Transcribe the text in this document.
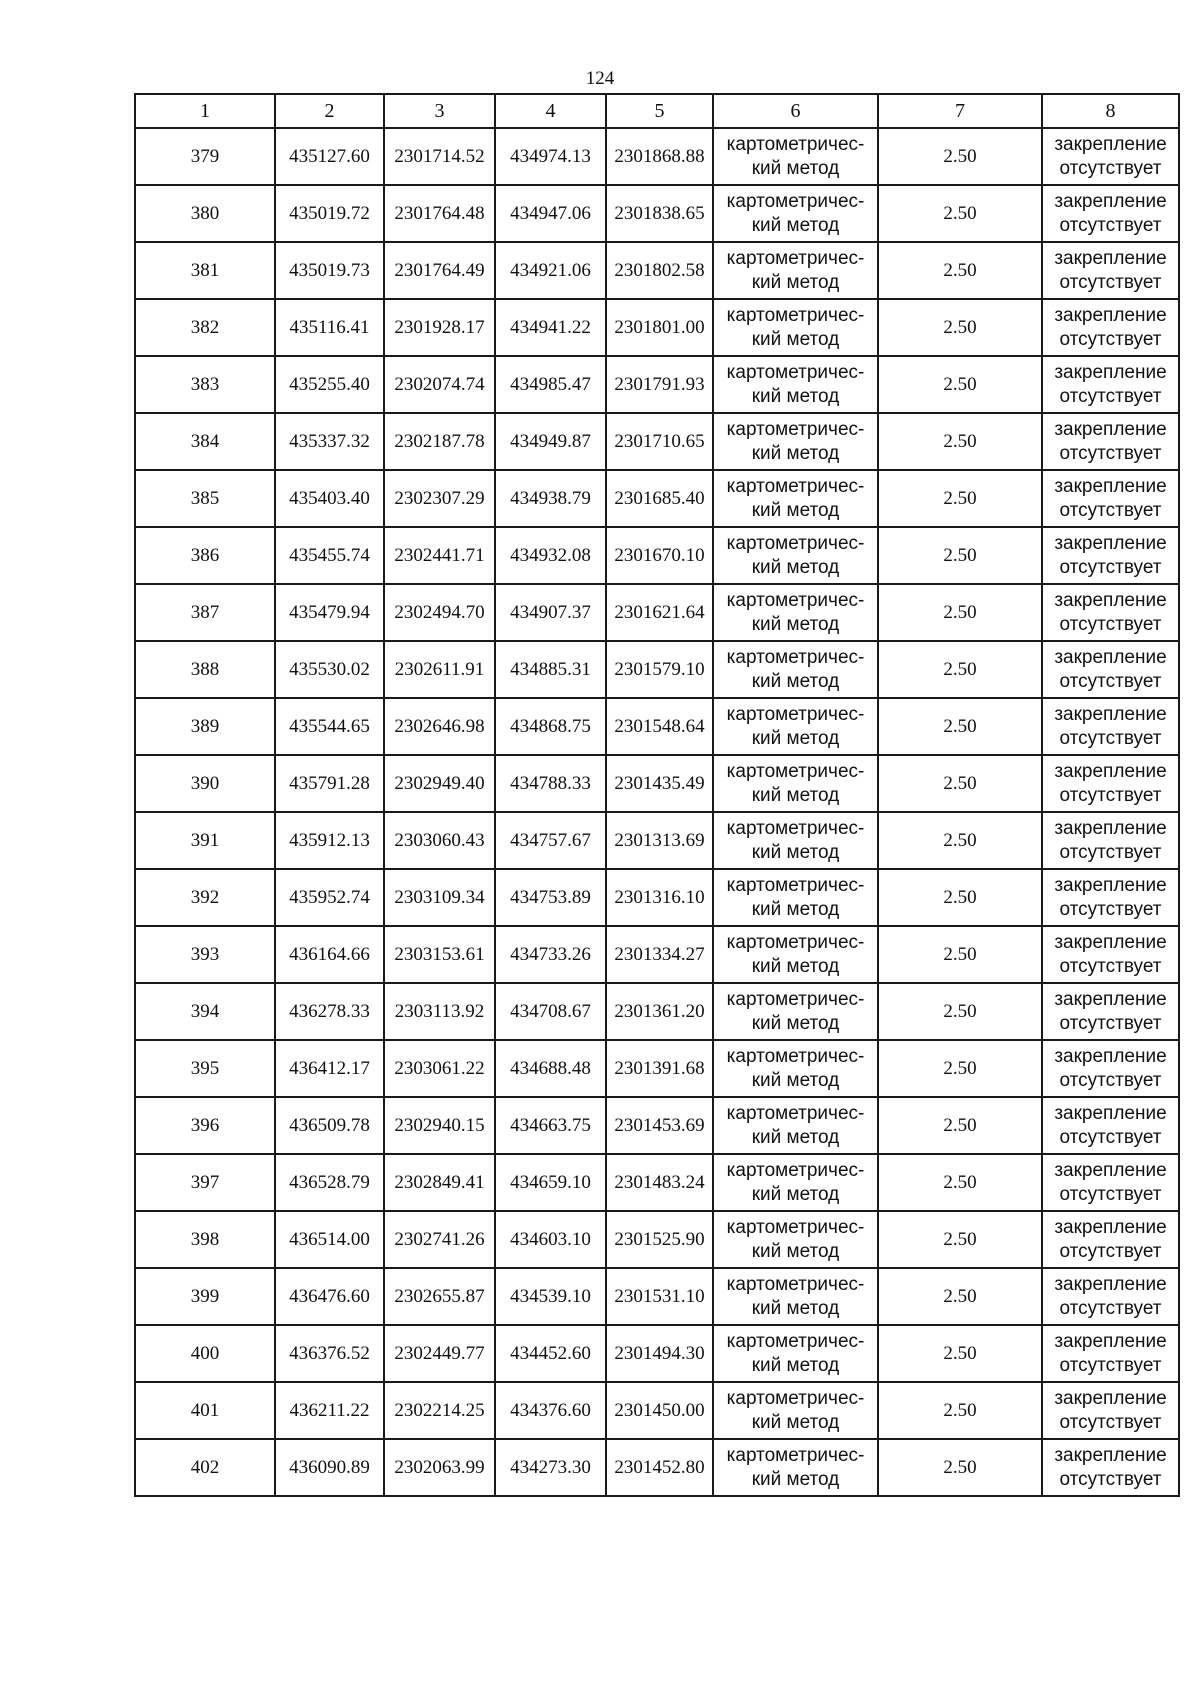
124
1	2	3	4	5	6	7	8
379	435127.60	2301714.52	434974.13	2301868.88	картометричес-
кий метод	2.50	закрепление
отсутствует

380	435019.72	2301764.48	434947.06	2301838.65	картометричес-
кий метод	2.50	закрепление
отсутствует

381	435019.73	2301764.49	434921.06	2301802.58	картометричес-
кий метод	2.50	закрепление
отсутствует

382	435116.41	2301928.17	434941.22	2301801.00	картометричес-
кий метод	2.50	закрепление
отсутствует

383	435255.40	2302074.74	434985.47	2301791.93	картометричес-
кий метод	2.50	закрепление
отсутствует

384	435337.32	2302187.78	434949.87	2301710.65	картометричес-
кий метод	2.50	закрепление
отсутствует

385	435403.40	2302307.29	434938.79	2301685.40	картометричес-
кий метод	2.50	закрепление
отсутствует

386	435455.74	2302441.71	434932.08	2301670.10	картометричес-
кий метод	2.50	закрепление
отсутствует

387	435479.94	2302494.70	434907.37	2301621.64	картометричес-
кий метод	2.50	закрепление
отсутствует

388	435530.02	2302611.91	434885.31	2301579.10	картометричес-
кий метод	2.50	закрепление
отсутствует

389	435544.65	2302646.98	434868.75	2301548.64	картометричес-
кий метод	2.50	закрепление
отсутствует

390	435791.28	2302949.40	434788.33	2301435.49	картометричес-
кий метод	2.50	закрепление
отсутствует

391	435912.13	2303060.43	434757.67	2301313.69	картометричес-
кий метод	2.50	закрепление
отсутствует

392	435952.74	2303109.34	434753.89	2301316.10	картометричес-
кий метод	2.50	закрепление
отсутствует

393	436164.66	2303153.61	434733.26	2301334.27	картометричес-
кий метод	2.50	закрепление
отсутствует

394	436278.33	2303113.92	434708.67	2301361.20	картометричес-
кий метод	2.50	закрепление
отсутствует

395	436412.17	2303061.22	434688.48	2301391.68	картометричес-
кий метод	2.50	закрепление
отсутствует

396	436509.78	2302940.15	434663.75	2301453.69	картометричес-
кий метод	2.50	закрепление
отсутствует

397	436528.79	2302849.41	434659.10	2301483.24	картометричес-
кий метод	2.50	закрепление
отсутствует

398	436514.00	2302741.26	434603.10	2301525.90	картометричес-
кий метод	2.50	закрепление
отсутствует

399	436476.60	2302655.87	434539.10	2301531.10	картометричес-
кий метод	2.50	закрепление
отсутствует

400	436376.52	2302449.77	434452.60	2301494.30	картометричес-
кий метод	2.50	закрепление
отсутствует

401	436211.22	2302214.25	434376.60	2301450.00	картометричес-
кий метод	2.50	закрепление
отсутствует

402	436090.89	2302063.99	434273.30	2301452.80	картометричес-
кий метод	2.50	закрепление
отсутствует
